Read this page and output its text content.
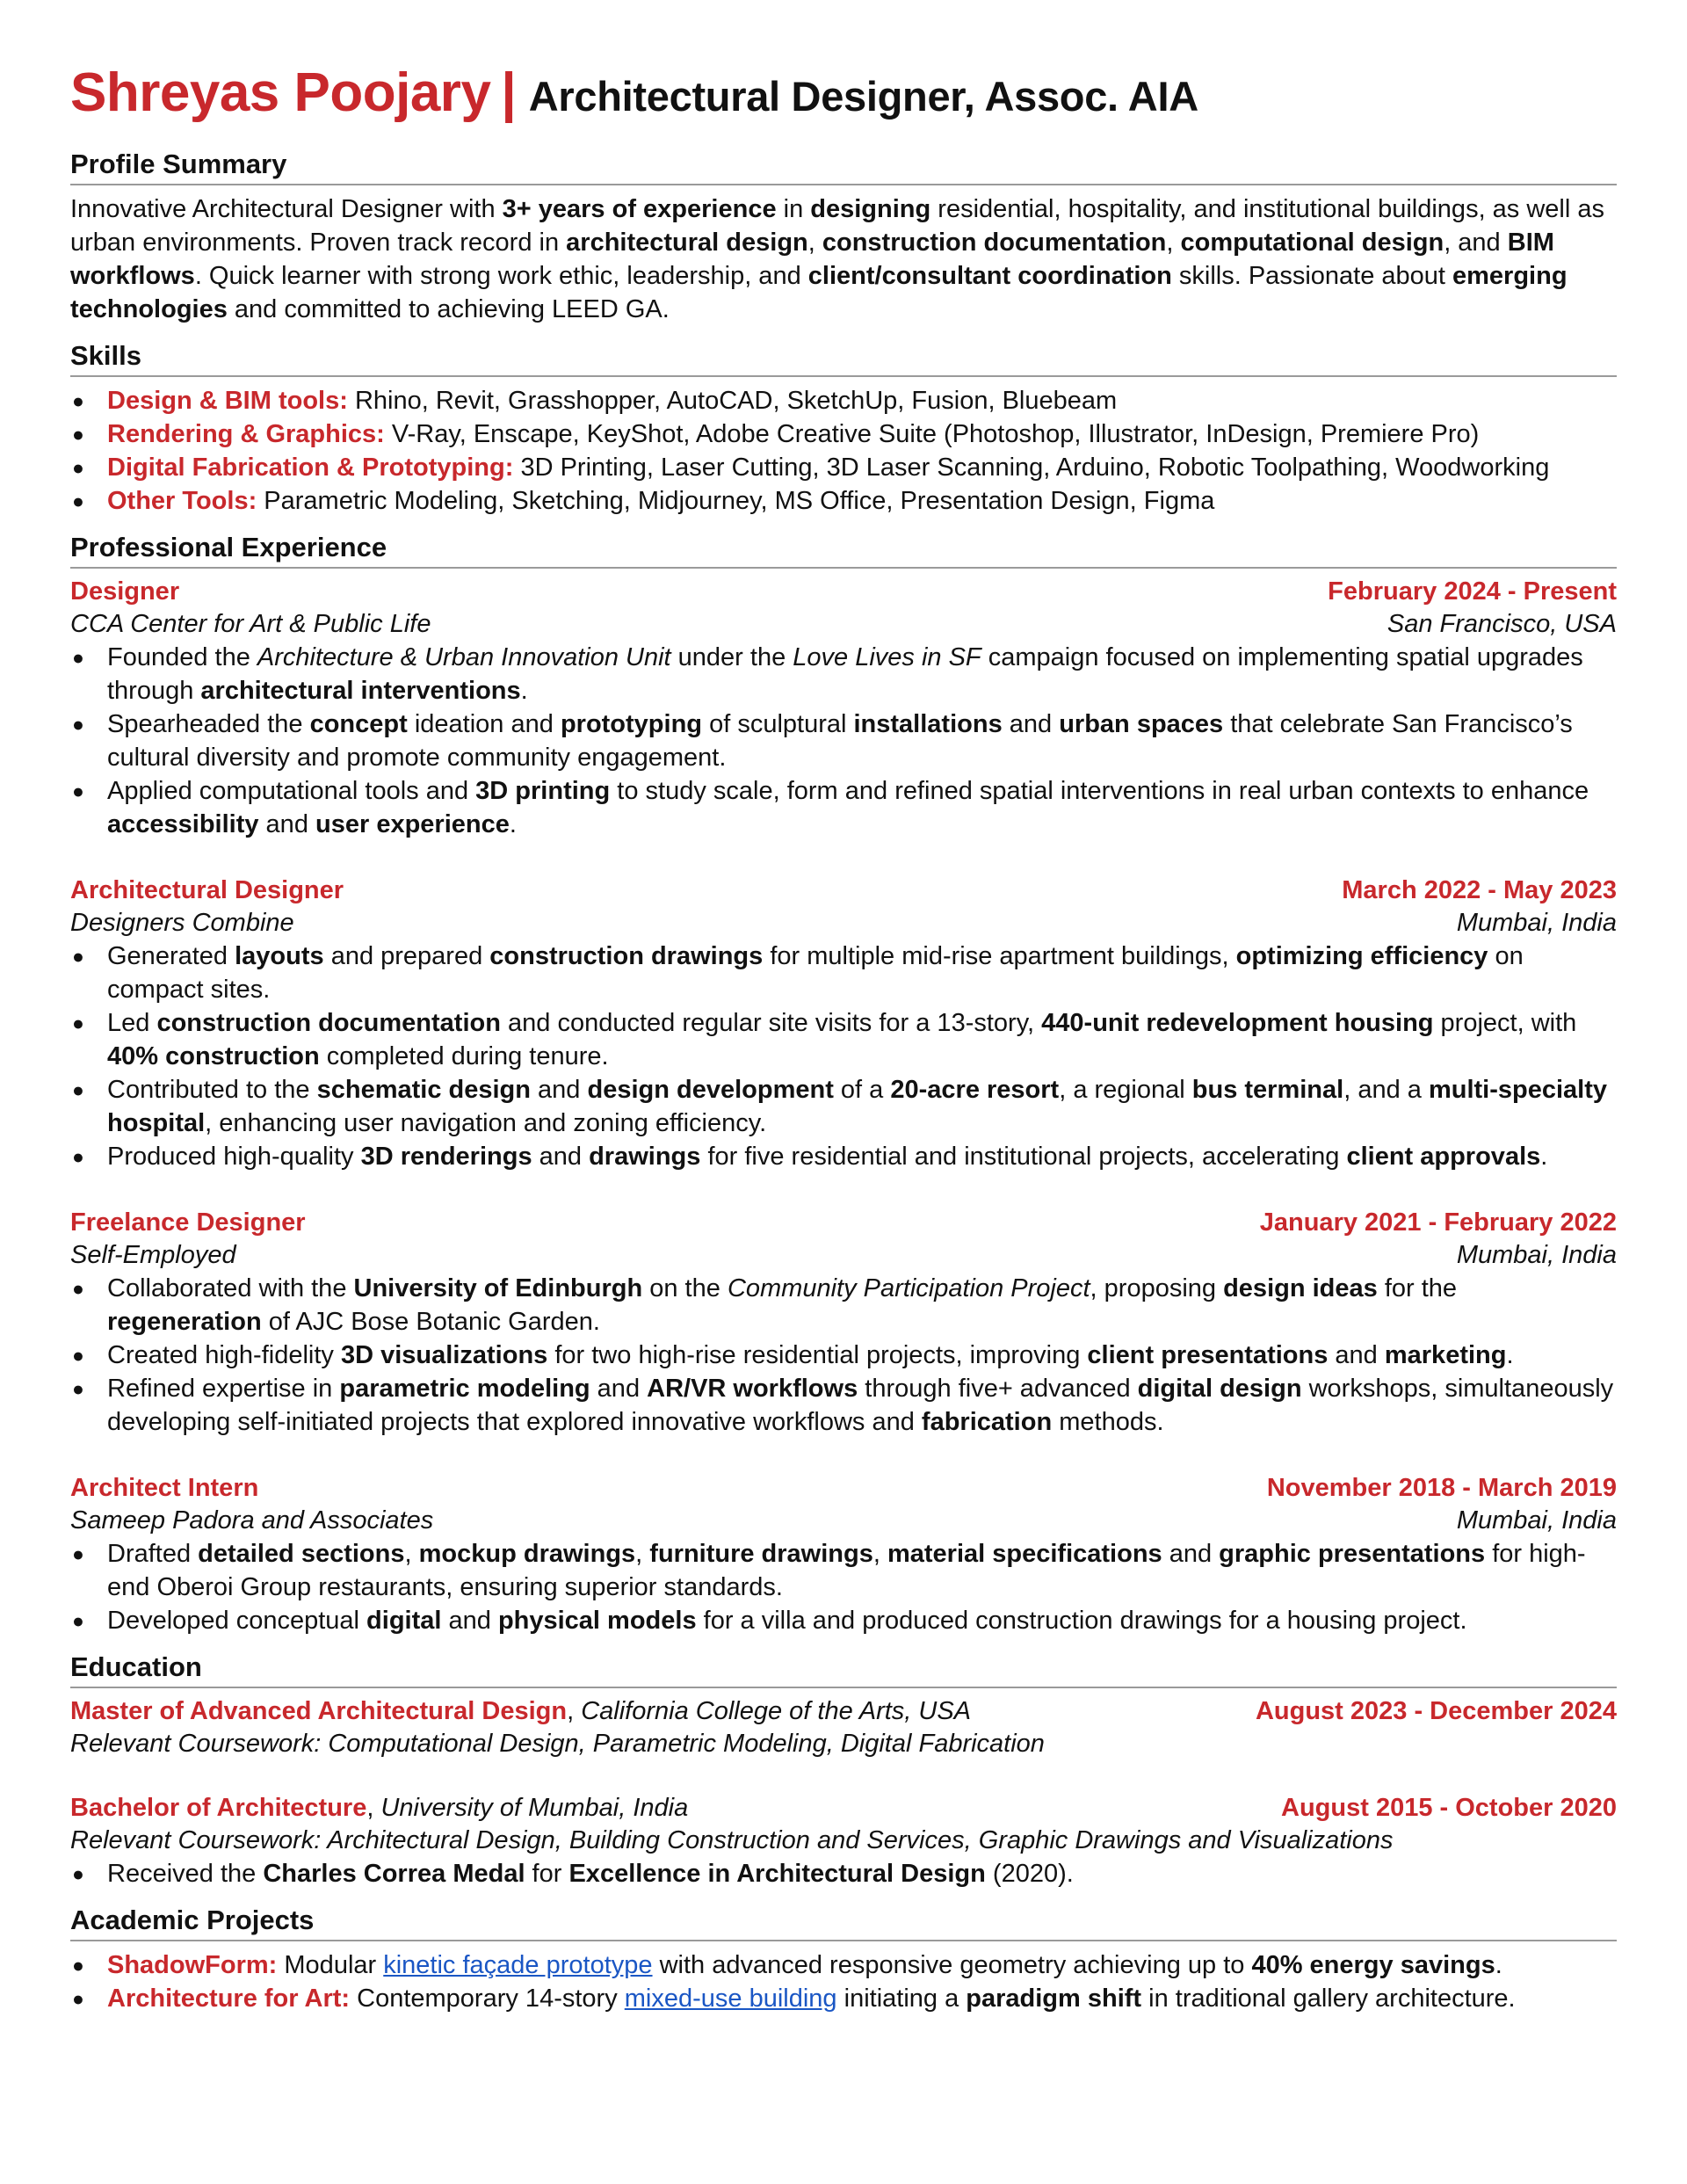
Shreyas Poojary | Architectural Designer, Assoc. AIA
Profile Summary
Innovative Architectural Designer with 3+ years of experience in designing residential, hospitality, and institutional buildings, as well as urban environments. Proven track record in architectural design, construction documentation, computational design, and BIM workflows. Quick learner with strong work ethic, leadership, and client/consultant coordination skills. Passionate about emerging technologies and committed to achieving LEED GA.
Skills
● Design & BIM tools: Rhino, Revit, Grasshopper, AutoCAD, SketchUp, Fusion, Bluebeam
● Rendering & Graphics: V-Ray, Enscape, KeyShot, Adobe Creative Suite (Photoshop, Illustrator, InDesign, Premiere Pro)
● Digital Fabrication & Prototyping: 3D Printing, Laser Cutting, 3D Laser Scanning, Arduino, Robotic Toolpathing, Woodworking
● Other Tools: Parametric Modeling, Sketching, Midjourney, MS Office, Presentation Design, Figma
Professional Experience
Designer	February 2024 - Present
CCA Center for Art & Public Life	San Francisco, USA
● Founded the Architecture & Urban Innovation Unit under the Love Lives in SF campaign focused on implementing spatial upgrades through architectural interventions.
● Spearheaded the concept ideation and prototyping of sculptural installations and urban spaces that celebrate San Francisco’s cultural diversity and promote community engagement.
● Applied computational tools and 3D printing to study scale, form and refined spatial interventions in real urban contexts to enhance accessibility and user experience.
Architectural Designer	March 2022 - May 2023
Designers Combine	Mumbai, India
● Generated layouts and prepared construction drawings for multiple mid-rise apartment buildings, optimizing efficiency on compact sites.
● Led construction documentation and conducted regular site visits for a 13-story, 440-unit redevelopment housing project, with 40% construction completed during tenure.
● Contributed to the schematic design and design development of a 20-acre resort, a regional bus terminal, and a multi-specialty hospital, enhancing user navigation and zoning efficiency.
● Produced high-quality 3D renderings and drawings for five residential and institutional projects, accelerating client approvals.
Freelance Designer	January 2021 - February 2022
Self-Employed	Mumbai, India
● Collaborated with the University of Edinburgh on the Community Participation Project, proposing design ideas for the regeneration of AJC Bose Botanic Garden.
● Created high-fidelity 3D visualizations for two high-rise residential projects, improving client presentations and marketing.
● Refined expertise in parametric modeling and AR/VR workflows through five+ advanced digital design workshops, simultaneously developing self-initiated projects that explored innovative workflows and fabrication methods.
Architect Intern	November 2018 - March 2019
Sameep Padora and Associates	Mumbai, India
● Drafted detailed sections, mockup drawings, furniture drawings, material specifications and graphic presentations for high-end Oberoi Group restaurants, ensuring superior standards.
● Developed conceptual digital and physical models for a villa and produced construction drawings for a housing project.
Education
Master of Advanced Architectural Design, California College of the Arts, USA	August 2023 - December 2024
Relevant Coursework: Computational Design, Parametric Modeling, Digital Fabrication
Bachelor of Architecture, University of Mumbai, India	August 2015 - October 2020
Relevant Coursework: Architectural Design, Building Construction and Services, Graphic Drawings and Visualizations
● Received the Charles Correa Medal for Excellence in Architectural Design (2020).
Academic Projects
● ShadowForm: Modular kinetic façade prototype with advanced responsive geometry achieving up to 40% energy savings.
● Architecture for Art: Contemporary 14-story mixed-use building initiating a paradigm shift in traditional gallery architecture.
